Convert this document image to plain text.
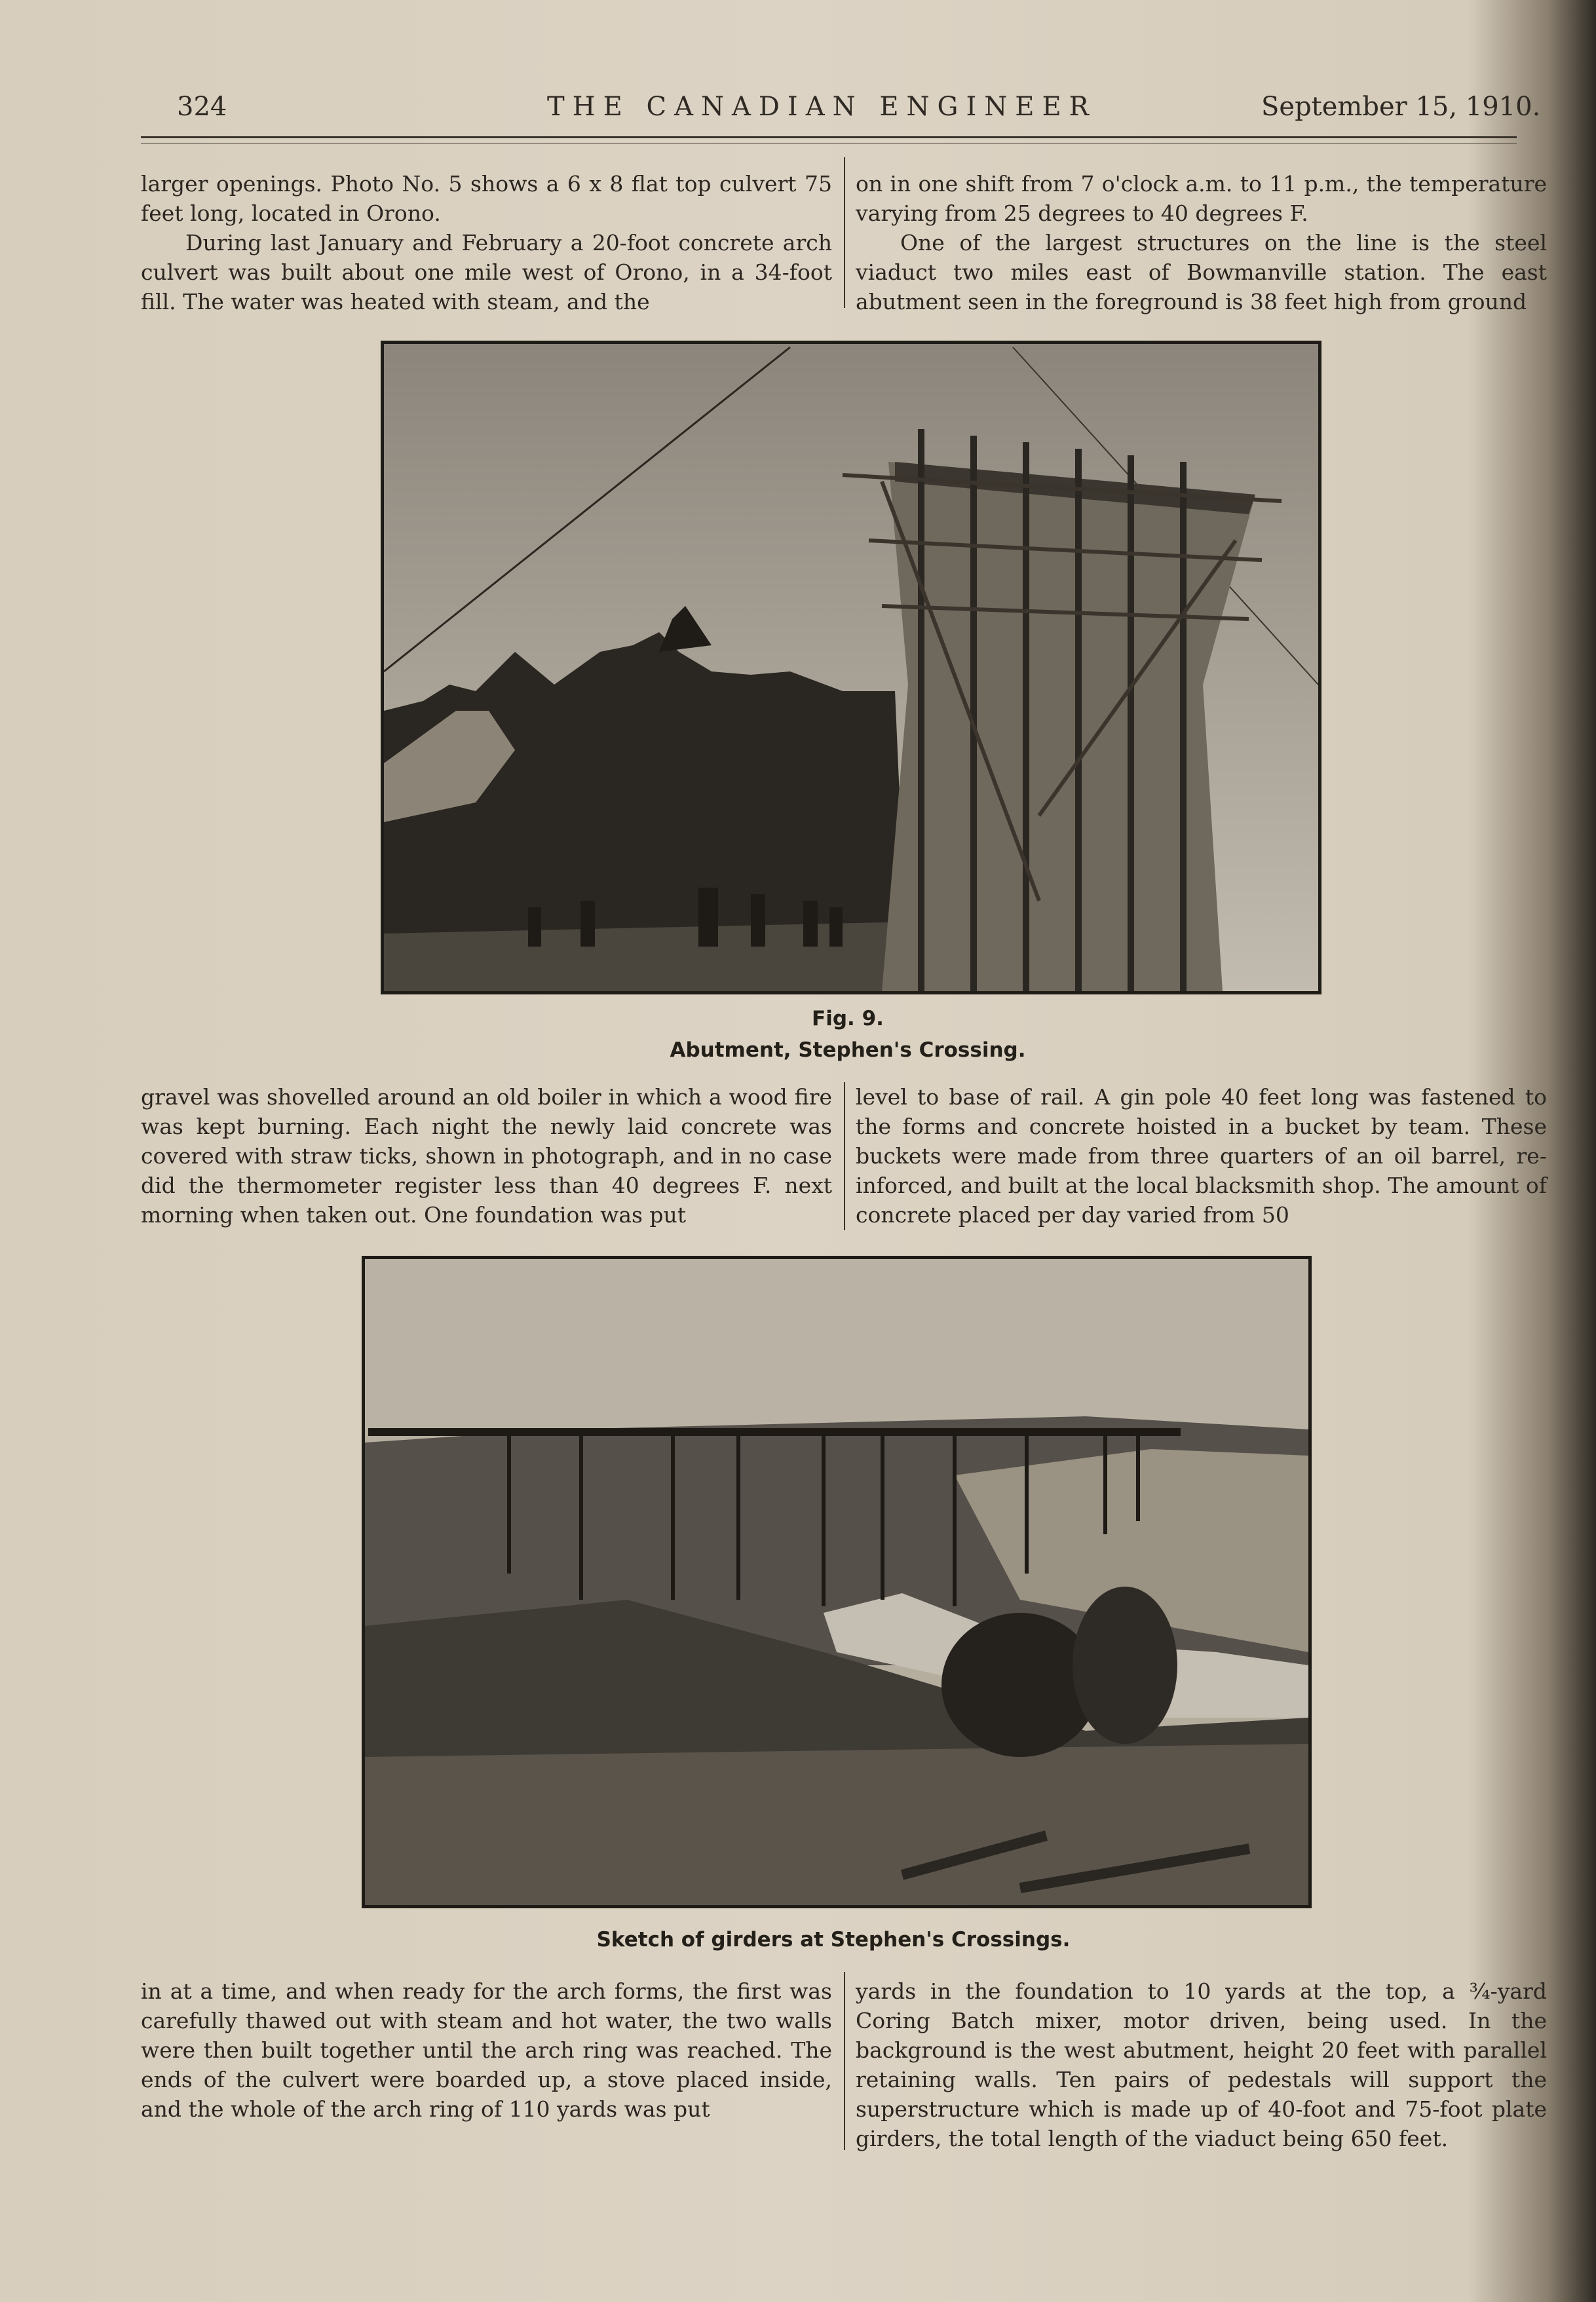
324	THE CANADIAN ENGINEER	September 15, 1910.

larger openings. Photo No. 5 shows a 6 x 8 flat top culvert 75 feet long, located in Orono.

During last January and February a 20-foot concrete arch culvert was built about one mile west of Orono, in a 34-foot fill. The water was heated with steam, and the

on in one shift from 7 o'clock a.m. to 11 p.m., the temperature varying from 25 degrees to 40 degrees F.

One of the largest structures on the line is the steel viaduct two miles east of Bowmanville station. The east abutment seen in the foreground is 38 feet high from ground

Fig. 9.
Abutment, Stephen's Crossing.

gravel was shovelled around an old boiler in which a wood fire was kept burning. Each night the newly laid concrete was covered with straw ticks, shown in photograph, and in no case did the thermometer register less than 40 degrees F. next morning when taken out. One foundation was put

level to base of rail. A gin pole 40 feet long was fastened to the forms and concrete hoisted in a bucket by team. These buckets were made from three quarters of an oil barrel, re-inforced, and built at the local blacksmith shop. The amount of concrete placed per day varied from 50

Sketch of girders at Stephen's Crossings.

in at a time, and when ready for the arch forms, the first was carefully thawed out with steam and hot water, the two walls were then built together until the arch ring was reached. The ends of the culvert were boarded up, a stove placed inside, and the whole of the arch ring of 110 yards was put

yards in the foundation to 10 yards at the top, a ¾-yard Coring Batch mixer, motor driven, being used. In the background is the west abutment, height 20 feet with parallel retaining walls. Ten pairs of pedestals will support the superstructure which is made up of 40-foot and 75-foot plate girders, the total length of the viaduct being 650 feet.
